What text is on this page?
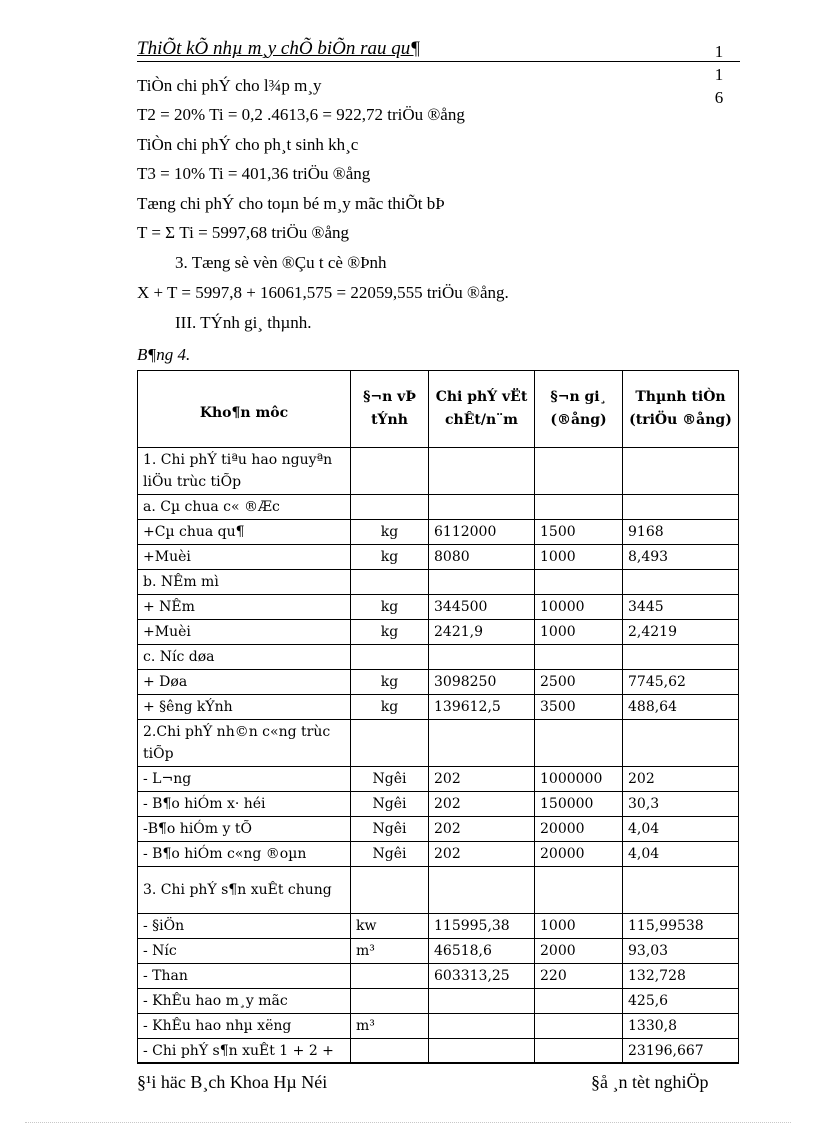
ThiÕt kÕ nhµ m¸y chÕ biÕn rau qu¶	1
1
6
TiÒn chi phÝ cho l¾p m¸y
T2 = 20% Ti = 0,2 .4613,6 = 922,72 triÖu ®ång
TiÒn chi phÝ cho ph¸t sinh kh¸c
T3 = 10% Ti = 401,36 triÖu ®ång
Tæng chi phÝ cho toµn bé m¸y mãc thiÕt bÞ
T = Σ Ti = 5997,68 triÖu ®ång
3. Tæng sè vèn ®Çu t cè ®Þnh
X + T = 5997,8 + 16061,575 = 22059,555 triÖu ®ång.
III. TÝnh gi¸ thµnh.
B¶ng 4.
Kho¶n môc	§¬n vÞ tÝnh	Chi phÝ vËt chÊt/n¨m	§¬n gi¸ (®ång)	Thµnh tiÒn (triÖu ®ång)
1. Chi phÝ tiªu hao nguyªn liÖu trùc tiÕp				
a. Cµ chua c« ®Æc				
+Cµ chua qu¶	kg	6112000	1500	9168
+Muèi	kg	8080	1000	8,493
b. NÊm mì				
+ NÊm	kg	344500	10000	3445
+Muèi	kg	2421,9	1000	2,4219
c. Níc døa				
+ Døa	kg	3098250	2500	7745,62
+ §êng kÝnh	kg	139612,5	3500	488,64
2.Chi phÝ nh©n c«ng trùc tiÕp				
- L¬ng	Ngêi	202	1000000	202
- B¶o hiÓm x· héi	Ngêi	202	150000	30,3
-B¶o hiÓm y tÕ	Ngêi	202	20000	4,04
- B¶o hiÓm c«ng ®oµn	Ngêi	202	20000	4,04
3. Chi phÝ s¶n xuÊt chung				
- §iÖn	kw	115995,38	1000	115,99538
- Níc	m³	46518,6	2000	93,03
- Than		603313,25	220	132,728
- KhÊu hao m¸y mãc				425,6
- KhÊu hao nhµ xëng	m³			1330,8
- Chi phÝ s¶n xuÊt 1 + 2 +				23196,667
§¹i häc B¸ch Khoa Hµ Néi	§å ¸n tèt nghiÖp
